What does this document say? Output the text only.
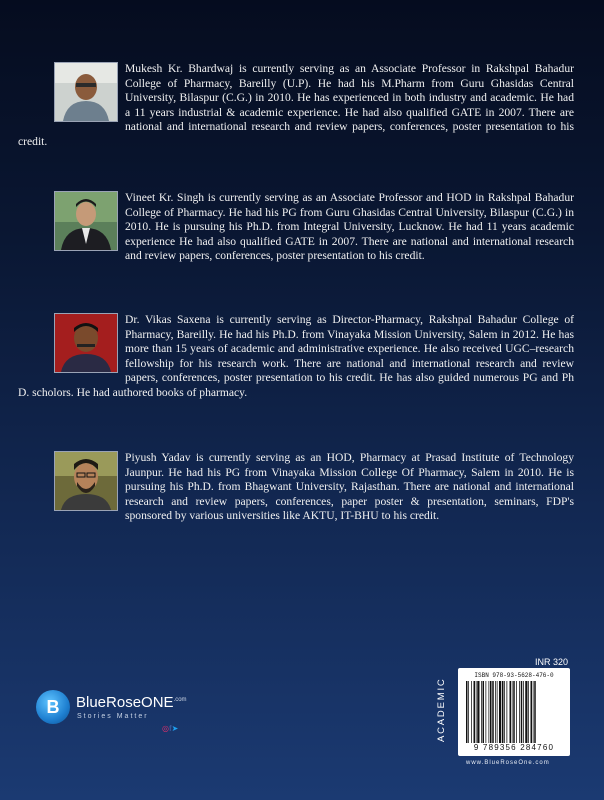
Mukesh Kr. Bhardwaj is currently serving as an Associate Professor in Rakshpal Bahadur College of Pharmacy, Bareilly (U.P). He had his M.Pharm from Guru Ghasidas Central University, Bilaspur (C.G.) in 2010. He has experienced in both industry and academic. He had a 11 years industrial & academic experience. He had also qualified GATE in 2007. There are national and international research and review papers, conferences, poster presentation to his credit.

Vineet Kr. Singh is currently serving as an Associate Professor and HOD in Rakshpal Bahadur College of Pharmacy. He had his PG from Guru Ghasidas Central University, Bilaspur (C.G.) in 2010. He is pursuing his Ph.D. from Integral University, Lucknow. He had 11 years academic experience He had also qualified GATE in 2007. There are national and international research and review papers, conferences, poster presentation to his credit.

Dr. Vikas Saxena is currently serving as Director-Pharmacy, Rakshpal Bahadur College of Pharmacy, Bareilly. He had his Ph.D. from Vinayaka Mission University, Salem in 2012. He has more than 15 years of academic and administrative experience. He also received UGC–research fellowship for his research work. There are national and international research and review papers, conferences, poster presentation to his credit. He has also guided numerous PG and Ph D. scholors. He had authored books of pharmacy.

Piyush Yadav is currently serving as an HOD, Pharmacy at Prasad Institute of Technology Jaunpur. He had his PG from Vinayaka Mission College Of Pharmacy, Salem in 2010. He is pursuing his Ph.D. from Bhagwant University, Rajasthan. There are national and international research and review papers, conferences, paper poster & presentation, seminars, FDP's sponsored by various universities like AKTU, IT-BHU to his credit.

B	BlueRoseONE$^{.com}$
Stories Matter
◎f➤
INR 320
ACADEMIC
ISBN 978-93-5628-476-0
9 789356 284760
www.BlueRoseOne.com
